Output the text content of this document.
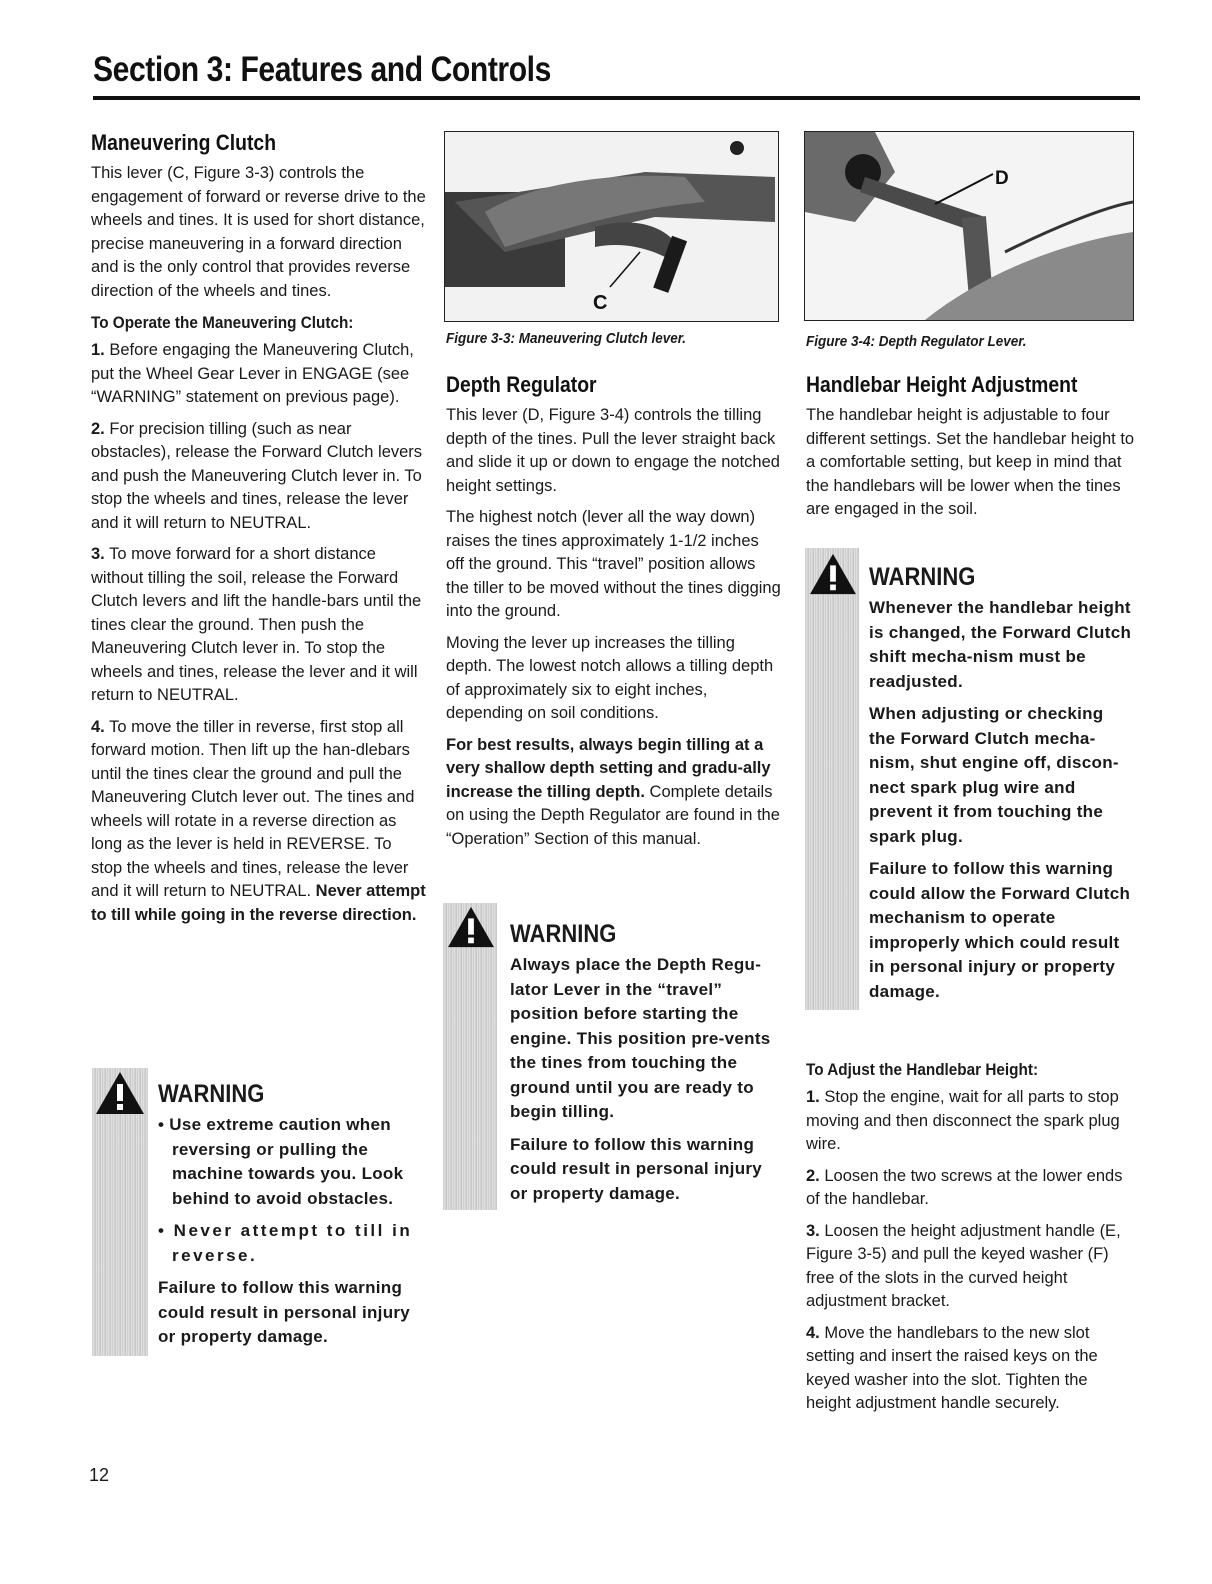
Section 3: Features and Controls
Maneuvering Clutch

This lever (C, Figure 3-3) controls the engagement of forward or reverse drive to the wheels and tines. It is used for short distance, precise maneuvering in a forward direction and is the only control that provides reverse direction of the wheels and tines.

To Operate the Maneuvering Clutch:

1. Before engaging the Maneuvering Clutch, put the Wheel Gear Lever in ENGAGE (see “WARNING” statement on previous page).

2. For precision tilling (such as near obstacles), release the Forward Clutch levers and push the Maneuvering Clutch lever in. To stop the wheels and tines, release the lever and it will return to NEUTRAL.

3. To move forward for a short distance without tilling the soil, release the Forward Clutch levers and lift the handle-bars until the tines clear the ground. Then push the Maneuvering Clutch lever in. To stop the wheels and tines, release the lever and it will return to NEUTRAL.

4. To move the tiller in reverse, first stop all forward motion. Then lift up the han-dlebars until the tines clear the ground and pull the Maneuvering Clutch lever out. The tines and wheels will rotate in a reverse direction as long as the lever is held in REVERSE. To stop the wheels and tines, release the lever and it will return to NEUTRAL. Never attempt to till while going in the reverse direction.

WARNING

• Use extreme caution when reversing or pulling the machine towards you. Look behind to avoid obstacles.

• Never attempt to till in reverse.

Failure to follow this warning could result in personal injury or property damage.

C
Figure 3-3: Maneuvering Clutch lever.
D
Figure 3-4: Depth Regulator Lever.
Depth Regulator

This lever (D, Figure 3-4) controls the tilling depth of the tines. Pull the lever straight back and slide it up or down to engage the notched height settings.

The highest notch (lever all the way down) raises the tines approximately 1-1/2 inches off the ground. This “travel” position allows the tiller to be moved without the tines digging into the ground.

Moving the lever up increases the tilling depth. The lowest notch allows a tilling depth of approximately six to eight inches, depending on soil conditions.

For best results, always begin tilling at a very shallow depth setting and gradu-ally increase the tilling depth. Complete details on using the Depth Regulator are found in the “Operation” Section of this manual.

WARNING

Always place the Depth Regu-lator Lever in the “travel” position before starting the engine. This position pre-vents the tines from touching the ground until you are ready to begin tilling.

Failure to follow this warning could result in personal injury or property damage.

Handlebar Height Adjustment

The handlebar height is adjustable to four different settings. Set the handlebar height to a comfortable setting, but keep in mind that the handlebars will be lower when the tines are engaged in the soil.

WARNING

Whenever the handlebar height is changed, the Forward Clutch shift mecha-nism must be readjusted.

When adjusting or checking the Forward Clutch mecha-nism, shut engine off, discon-nect spark plug wire and prevent it from touching the spark plug.

Failure to follow this warning could allow the Forward Clutch mechanism to operate improperly which could result in personal injury or property damage.

To Adjust the Handlebar Height:

1. Stop the engine, wait for all parts to stop moving and then disconnect the spark plug wire.

2. Loosen the two screws at the lower ends of the handlebar.

3. Loosen the height adjustment handle (E, Figure 3-5) and pull the keyed washer (F) free of the slots in the curved height adjustment bracket.

4. Move the handlebars to the new slot setting and insert the raised keys on the keyed washer into the slot. Tighten the height adjustment handle securely.

12
